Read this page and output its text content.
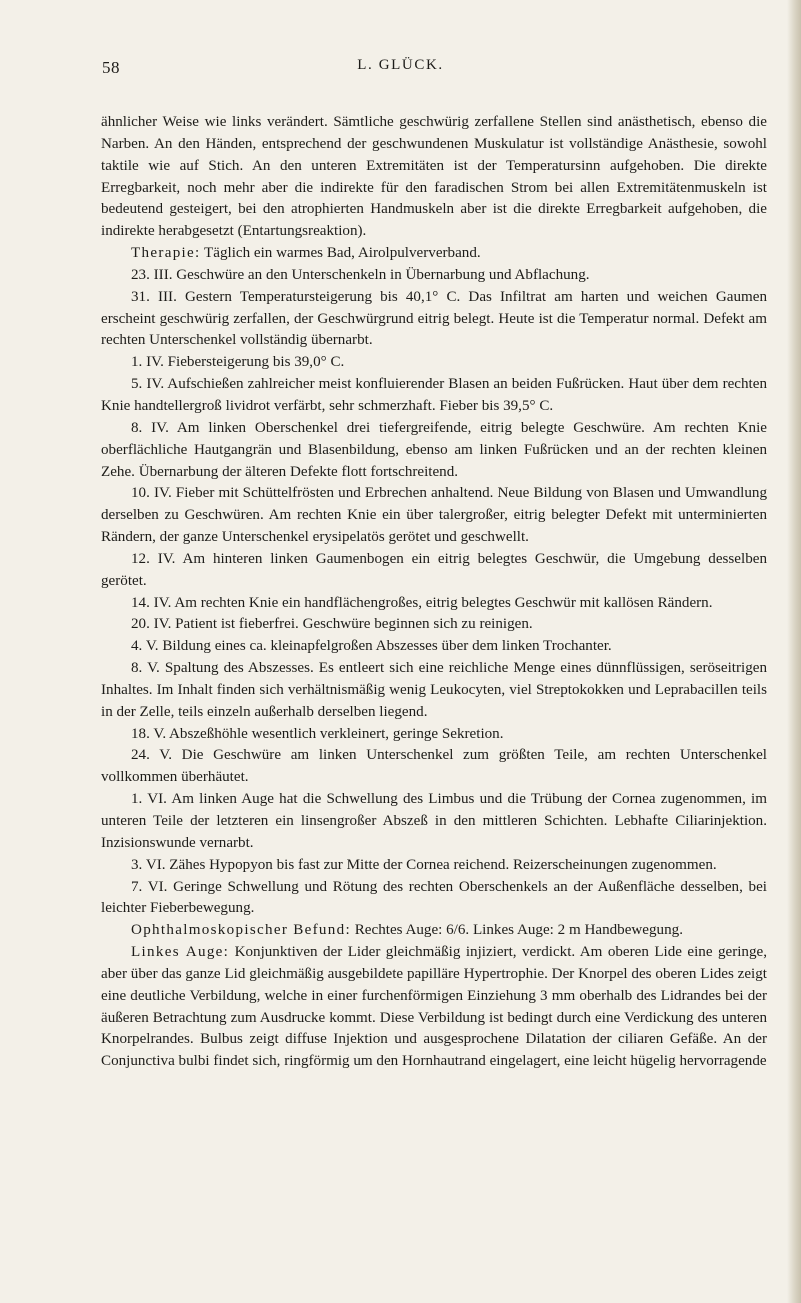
58	L. GLÜCK.

ähnlicher Weise wie links verändert. Sämtliche geschwürig zerfallene Stellen sind anästhetisch, ebenso die Narben. An den Händen, entsprechend der geschwundenen Muskulatur ist vollständige Anästhesie, sowohl taktile wie auf Stich. An den unteren Extremitäten ist der Temperatursinn aufgehoben. Die direkte Erregbarkeit, noch mehr aber die indirekte für den faradischen Strom bei allen Extremitätenmuskeln ist bedeutend gesteigert, bei den atrophierten Handmuskeln aber ist die direkte Erregbarkeit aufgehoben, die indirekte herabgesetzt (Entartungsreaktion).

Therapie: Täglich ein warmes Bad, Airolpulververband.

23. III. Geschwüre an den Unterschenkeln in Übernarbung und Abflachung.

31. III. Gestern Temperatursteigerung bis 40,1° C. Das Infiltrat am harten und weichen Gaumen erscheint geschwürig zerfallen, der Geschwürgrund eitrig belegt. Heute ist die Temperatur normal. Defekt am rechten Unterschenkel vollständig übernarbt.

1. IV. Fiebersteigerung bis 39,0° C.

5. IV. Aufschießen zahlreicher meist konfluierender Blasen an beiden Fußrücken. Haut über dem rechten Knie handtellergroß lividrot verfärbt, sehr schmerzhaft. Fieber bis 39,5° C.

8. IV. Am linken Oberschenkel drei tiefergreifende, eitrig belegte Geschwüre. Am rechten Knie oberflächliche Hautgangrän und Blasenbildung, ebenso am linken Fußrücken und an der rechten kleinen Zehe. Übernarbung der älteren Defekte flott fortschreitend.

10. IV. Fieber mit Schüttelfrösten und Erbrechen anhaltend. Neue Bildung von Blasen und Umwandlung derselben zu Geschwüren. Am rechten Knie ein über talergroßer, eitrig belegter Defekt mit unterminierten Rändern, der ganze Unterschenkel erysipelatös gerötet und geschwellt.

12. IV. Am hinteren linken Gaumenbogen ein eitrig belegtes Geschwür, die Umgebung desselben gerötet.

14. IV. Am rechten Knie ein handflächengroßes, eitrig belegtes Geschwür mit kallösen Rändern.

20. IV. Patient ist fieberfrei. Geschwüre beginnen sich zu reinigen.

4. V. Bildung eines ca. kleinapfelgroßen Abszesses über dem linken Trochanter.

8. V. Spaltung des Abszesses. Es entleert sich eine reichliche Menge eines dünnflüssigen, seröseitrigen Inhaltes. Im Inhalt finden sich verhältnismäßig wenig Leukocyten, viel Streptokokken und Leprabacillen teils in der Zelle, teils einzeln außerhalb derselben liegend.

18. V. Abszeßhöhle wesentlich verkleinert, geringe Sekretion.

24. V. Die Geschwüre am linken Unterschenkel zum größten Teile, am rechten Unterschenkel vollkommen überhäutet.

1. VI. Am linken Auge hat die Schwellung des Limbus und die Trübung der Cornea zugenommen, im unteren Teile der letzteren ein linsengroßer Abszeß in den mittleren Schichten. Lebhafte Ciliarinjektion. Inzisionswunde vernarbt.

3. VI. Zähes Hypopyon bis fast zur Mitte der Cornea reichend. Reizerscheinungen zugenommen.

7. VI. Geringe Schwellung und Rötung des rechten Oberschenkels an der Außenfläche desselben, bei leichter Fieberbewegung.

Ophthalmoskopischer Befund: Rechtes Auge: 6/6. Linkes Auge: 2 m Handbewegung.

Linkes Auge: Konjunktiven der Lider gleichmäßig injiziert, verdickt. Am oberen Lide eine geringe, aber über das ganze Lid gleichmäßig ausgebildete papilläre Hypertrophie. Der Knorpel des oberen Lides zeigt eine deutliche Verbildung, welche in einer furchenförmigen Einziehung 3 mm oberhalb des Lidrandes bei der äußeren Betrachtung zum Ausdrucke kommt. Diese Verbildung ist bedingt durch eine Verdickung des unteren Knorpelrandes. Bulbus zeigt diffuse Injektion und ausgesprochene Dilatation der ciliaren Gefäße. An der Conjunctiva bulbi findet sich, ringförmig um den Hornhautrand eingelagert, eine leicht hügelig hervorragende
